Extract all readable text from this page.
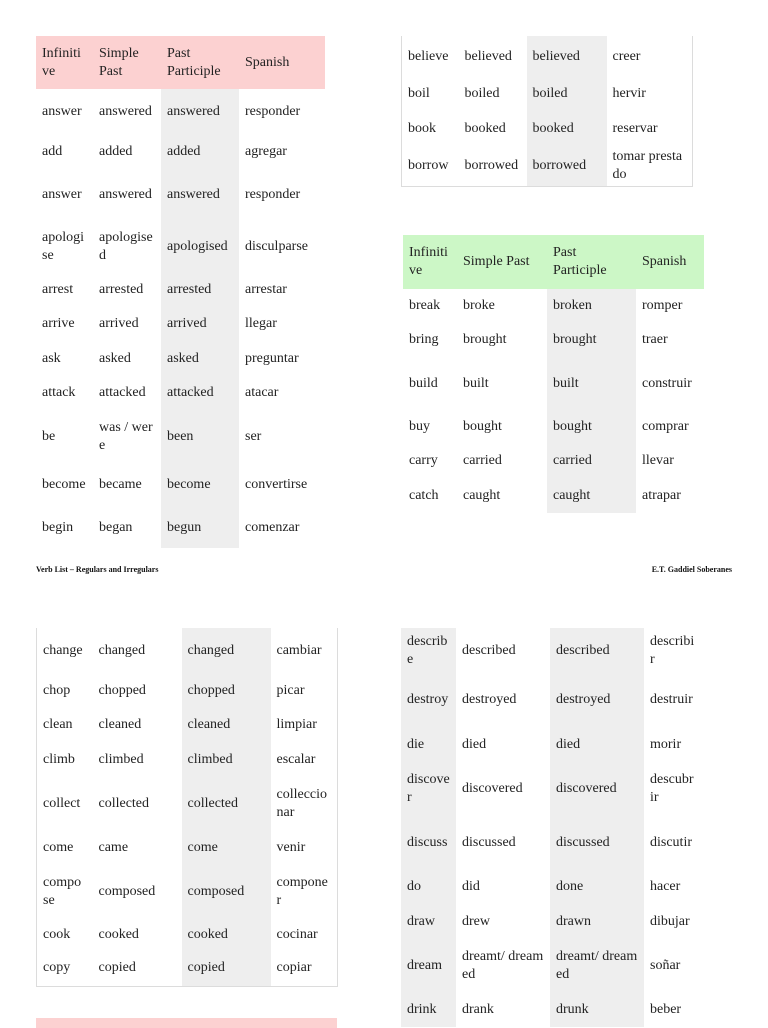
Infinitive	Simple Past	Past Participle	Spanish
answer	answered	answered	responder
add	added	added	agregar
answer	answered	answered	responder
apologise	apologised	apologised	disculparse
arrest	arrested	arrested	arrestar
arrive	arrived	arrived	llegar
ask	asked	asked	preguntar
attack	attacked	attacked	atacar
be	was / were	been	ser
become	became	become	convertirse
begin	began	begun	comenzar
believe	believed	believed	creer
boil	boiled	boiled	hervir
book	booked	booked	reservar
borrow	borrowed	borrowed	tomar prestado
Infinitive	Simple Past	Past Participle	Spanish
break	broke	broken	romper
bring	brought	brought	traer
build	built	built	construir
buy	bought	bought	comprar
carry	carried	carried	llevar
catch	caught	caught	atrapar
Verb List – Regulars and Irregulars	E.T. Gaddiel Soberanes
change	changed	changed	cambiar
chop	chopped	chopped	picar
clean	cleaned	cleaned	limpiar
climb	climbed	climbed	escalar
collect	collected	collected	colleccionar
come	came	come	venir
compose	composed	composed	componer
cook	cooked	cooked	cocinar
copy	copied	copied	copiar
describe	described	described	describir
destroy	destroyed	destroyed	destruir
die	died	died	morir
discover	discovered	discovered	descubrir
discuss	discussed	discussed	discutir
do	did	done	hacer
draw	drew	drawn	dibujar
dream	dreamt/ dreamed	dreamt/ dreamed	soñar
drink	drank	drunk	beber
